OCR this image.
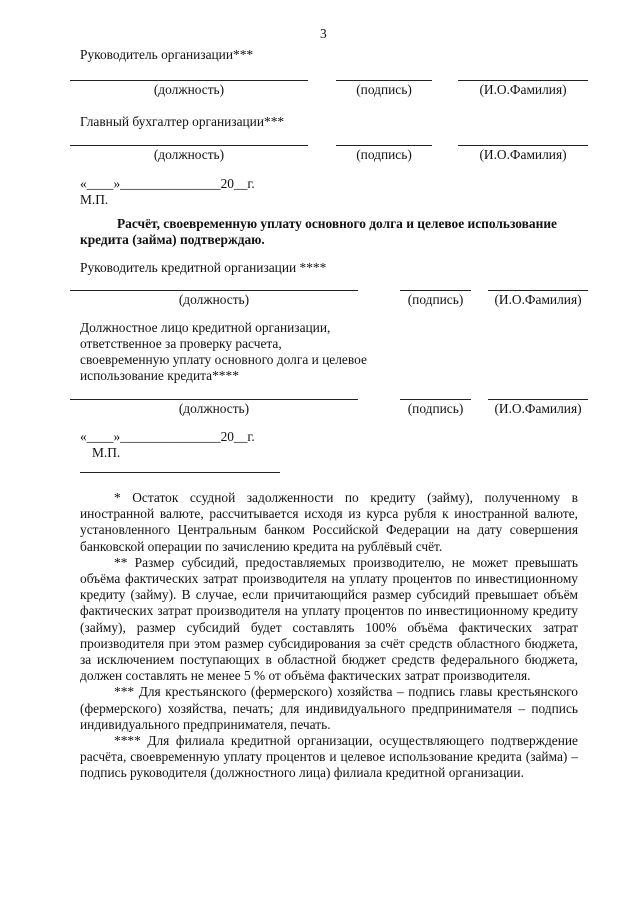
3
Руководитель организации***
(должность)	(подпись)	(И.О.Фамилия)
Главный бухгалтер организации***
(должность)	(подпись)	(И.О.Фамилия)
«____»_______________20__г.
М.П.
Расчёт, своевременную уплату основного долга и целевое использование
кредита (займа) подтверждаю.
Руководитель кредитной организации ****
(должность)	(подпись)	(И.О.Фамилия)
Должностное лицо кредитной организации,
ответственное за проверку расчета,
своевременную уплату основного долга и целевое
использование кредита****
(должность)	(подпись)	(И.О.Фамилия)
«____»_______________20__г.
М.П.

* Остаток ссудной задолженности по кредиту (займу), полученному в иностранной валюте, рассчитывается исходя из курса рубля к иностранной валюте, установленного Центральным банком Российской Федерации на дату совершения банковской операции по зачислению кредита на рублёвый счёт.

** Размер субсидий, предоставляемых производителю, не может превышать объёма фактических затрат производителя на уплату процентов по инвестиционному кредиту (займу). В случае, если причитающийся размер субсидий превышает объём фактических затрат производителя на уплату процентов по инвестиционному кредиту (займу), размер субсидий будет составлять 100% объёма фактических затрат производителя при этом размер субсидирования за счёт средств областного бюджета, за исключением поступающих в областной бюджет средств федерального бюджета, должен составлять не менее 5 % от объёма фактических затрат производителя.

*** Для крестьянского (фермерского) хозяйства – подпись главы крестьянского (фермерского) хозяйства, печать; для индивидуального предпринимателя – подпись индивидуального предпринимателя, печать.

**** Для филиала кредитной организации, осуществляющего подтверждение расчёта, своевременную уплату процентов и целевое использование кредита (займа) – подпись руководителя (должностного лица) филиала кредитной организации.
